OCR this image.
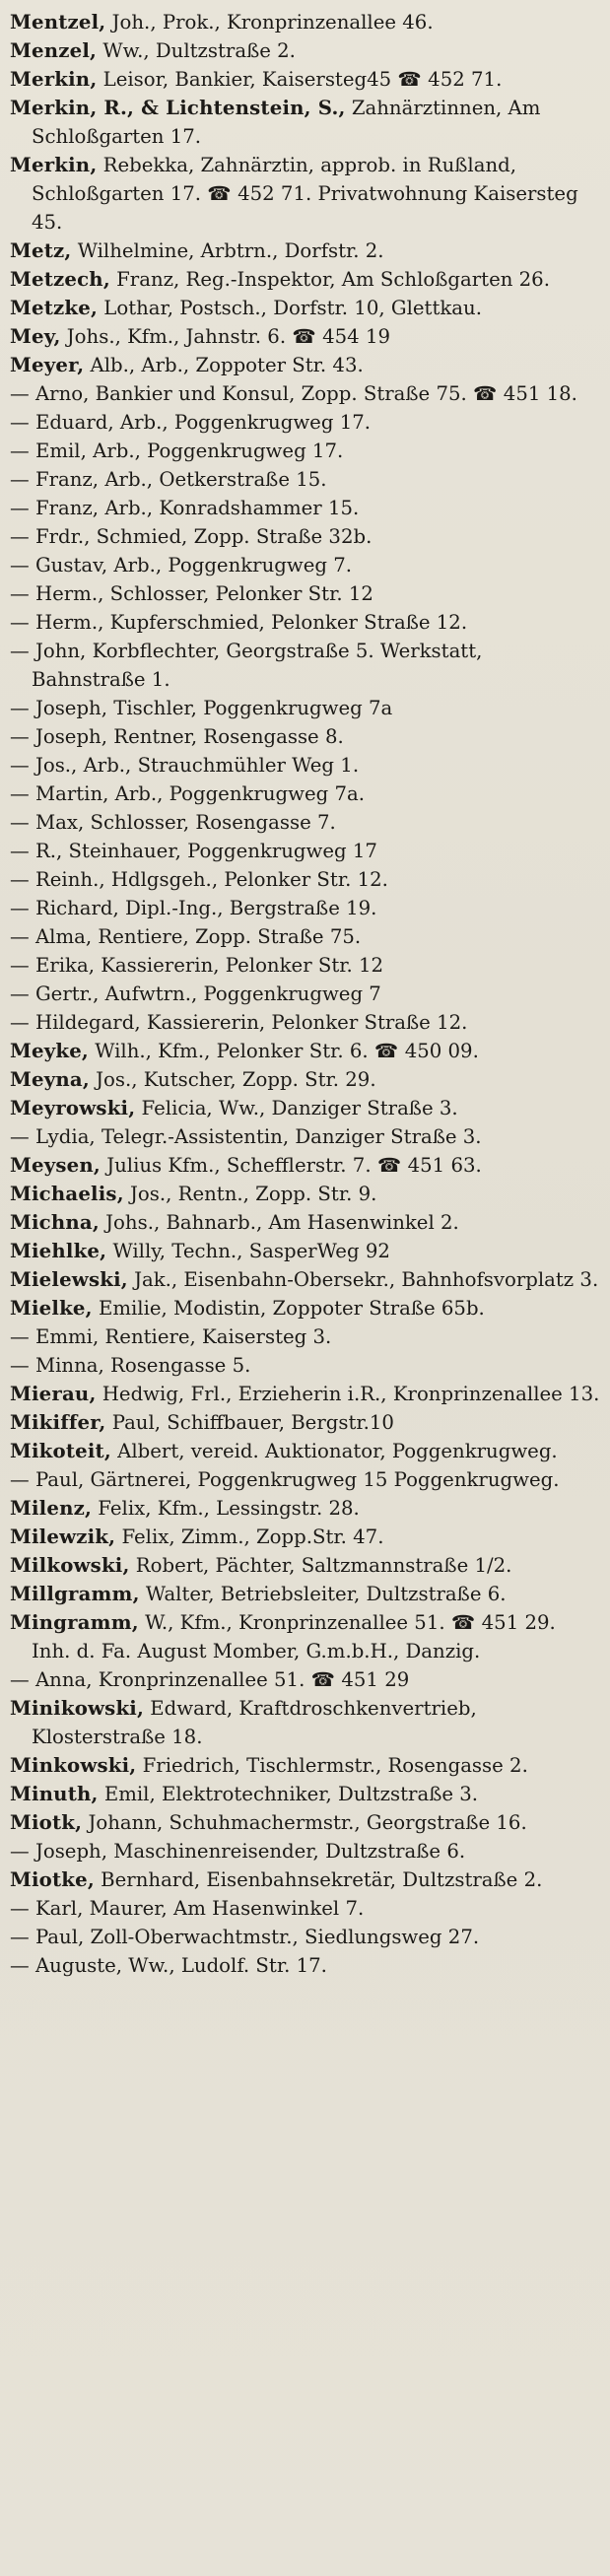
Mentzel, Joh., Prok., Kronprinzenallee 46.

Menzel, Ww., Dultzstraße 2.

Merkin, Leisor, Bankier, Kaisersteg45 ☎ 452 71.

Merkin, R., & Lichtenstein, S., Zahnärztinnen, Am Schloßgarten 17.

Merkin, Rebekka, Zahnärztin, approb. in Rußland, Schloßgarten 17. ☎ 452 71. Privatwohnung Kaisersteg 45.

Metz, Wilhelmine, Arbtrn., Dorfstr. 2.

Metzech, Franz, Reg.-Inspektor, Am Schloßgarten 26.

Metzke, Lothar, Postsch., Dorfstr. 10, Glettkau.

Mey, Johs., Kfm., Jahnstr. 6. ☎ 454 19

Meyer, Alb., Arb., Zoppoter Str. 43.

— Arno, Bankier und Konsul, Zopp. Straße 75. ☎ 451 18.

— Eduard, Arb., Poggenkrugweg 17.

— Emil, Arb., Poggenkrugweg 17.

— Franz, Arb., Oetkerstraße 15.

— Franz, Arb., Konradshammer 15.

— Frdr., Schmied, Zopp. Straße 32b.

— Gustav, Arb., Poggenkrugweg 7.

— Herm., Schlosser, Pelonker Str. 12

— Herm., Kupferschmied, Pelonker Straße 12.

— John, Korbflechter, Georgstraße 5. Werkstatt, Bahnstraße 1.

— Joseph, Tischler, Poggenkrugweg 7a

— Joseph, Rentner, Rosengasse 8.

— Jos., Arb., Strauchmühler Weg 1.

— Martin, Arb., Poggenkrugweg 7a.

— Max, Schlosser, Rosengasse 7.

— R., Steinhauer, Poggenkrugweg 17

— Reinh., Hdlgsgeh., Pelonker Str. 12.

— Richard, Dipl.-Ing., Bergstraße 19.

— Alma, Rentiere, Zopp. Straße 75.

— Erika, Kassiererin, Pelonker Str. 12

— Gertr., Aufwtrn., Poggenkrugweg 7

— Hildegard, Kassiererin, Pelonker Straße 12.

Meyke, Wilh., Kfm., Pelonker Str. 6. ☎ 450 09.

Meyna, Jos., Kutscher, Zopp. Str. 29.

Meyrowski, Felicia, Ww., Danziger Straße 3.

— Lydia, Telegr.-Assistentin, Danziger Straße 3.

Meysen, Julius Kfm., Schefflerstr. 7. ☎ 451 63.

Michaelis, Jos., Rentn., Zopp. Str. 9.

Michna, Johs., Bahnarb., Am Hasenwinkel 2.

Miehlke, Willy, Techn., SasperWeg 92

Mielewski, Jak., Eisenbahn-Obersekr., Bahnhofsvorplatz 3.

Mielke, Emilie, Modistin, Zoppoter Straße 65b.

— Emmi, Rentiere, Kaisersteg 3.

— Minna, Rosengasse 5.

Mierau, Hedwig, Frl., Erzieherin i.R., Kronprinzenallee 13.

Mikiffer, Paul, Schiffbauer, Bergstr.10

Mikoteit, Albert, vereid. Auktionator, Poggenkrugweg.

— Paul, Gärtnerei, Poggenkrugweg 15 Poggenkrugweg.

Milenz, Felix, Kfm., Lessingstr. 28.

Milewzik, Felix, Zimm., Zopp.Str. 47.

Milkowski, Robert, Pächter, Saltzmannstraße 1/2.

Millgramm, Walter, Betriebsleiter, Dultzstraße 6.

Mingramm, W., Kfm., Kronprinzenallee 51. ☎ 451 29. Inh. d. Fa. August Momber, G.m.b.H., Danzig.

— Anna, Kronprinzenallee 51. ☎ 451 29

Minikowski, Edward, Kraftdroschkenvertrieb, Klosterstraße 18.

Minkowski, Friedrich, Tischlermstr., Rosengasse 2.

Minuth, Emil, Elektrotechniker, Dultzstraße 3.

Miotk, Johann, Schuhmachermstr., Georgstraße 16.

— Joseph, Maschinenreisender, Dultzstraße 6.

Miotke, Bernhard, Eisenbahnsekretär, Dultzstraße 2.

— Karl, Maurer, Am Hasenwinkel 7.

— Paul, Zoll-Oberwachtmstr., Siedlungsweg 27.

— Auguste, Ww., Ludolf. Str. 17.
